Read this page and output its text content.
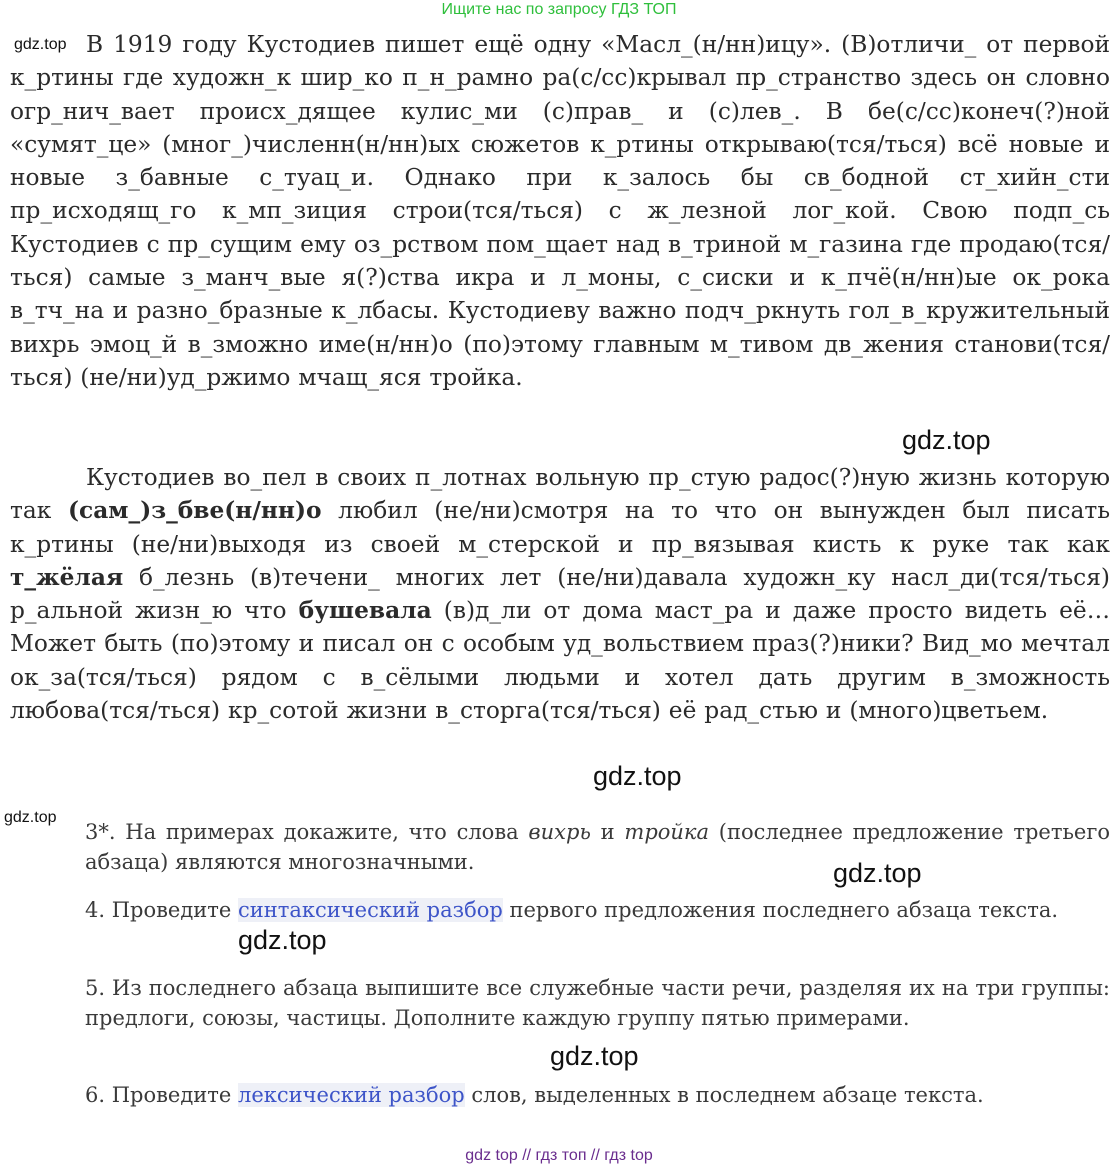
Ищите нас по запросу ГДЗ ТОП
В 1919 году Кустодиев пишет ещё одну «Масл_(н/нн)ицу». (В)отличи_ от первой к_ртины где художн_к шир_ко п_н_рамно ра(с/сс)крывал пр_странство здесь он словно огр_нич_вает происх_дящее кулис_ми (с)прав_ и (с)лев_. В бе(с/сс)конеч(?)ной «сумят_це» (мног_)численн(н/нн)ых сюжетов к_ртины открываю(тся/ться) всё новые и новые з_бавные с_туац_и. Однако при к_залось бы св_бодной ст_хийн_сти пр_исходящ_го к_мп_зиция строи(тся/ться) с ж_лезной лог_кой. Свою подп_сь Кустодиев с пр_сущим ему оз_рством пом_щает над в_триной м_газина где продаю(тся/ться) самые з_манч_вые я(?)ства икра и л_моны, с_сиски и к_пчё(н/нн)ые ок_рока в_тч_на и разно_бразные к_лбасы. Кустодиеву важно подч_ркнуть гол_в_кружительный вихрь эмоц_й в_зможно име(н/нн)о (по)этому главным м_тивом дв_жения станови(тся/ться) (не/ни)уд_ржимо мчащ_яся тройка.
Кустодиев во_пел в своих п_лотнах вольную пр_стую радос(?)ную жизнь которую так (сам_)з_бве(н/нн)о любил (не/ни)смотря на то что он вынужден был писать к_ртины (не/ни)выходя из своей м_стерской и пр_вязывая кисть к руке так как т_жёлая б_лезнь (в)течени_ многих лет (не/ни)давала художн_ку насл_ди(тся/ться) р_альной жизн_ю что бушевала (в)д_ли от дома маст_ра и даже просто видеть её… Может быть (по)этому и писал он с особым уд_вольствием праз(?)ники? Вид_мо мечтал ок_за(тся/ться) рядом с в_сёлыми людьми и хотел дать другим в_зможность любова(тся/ться) кр_сотой жизни в_сторга(тся/ться) её рад_стью и (много)цветьем.
3*. На примерах докажите, что слова вихрь и тройка (последнее предложение третьего абзаца) являются многозначными.
4. Проведите синтаксический разбор первого предложения последнего абзаца текста.
5. Из последнего абзаца выпишите все служебные части речи, разделяя их на три группы: предлоги, союзы, частицы. Дополните каждую группу пятью примерами.
6. Проведите лексический разбор слов, выделенных в последнем абзаце текста.
gdz.top
gdz.top
gdz.top
gdz.top
gdz.top
gdz.top
gdz.top
gdz top // гдз топ // гдз top
